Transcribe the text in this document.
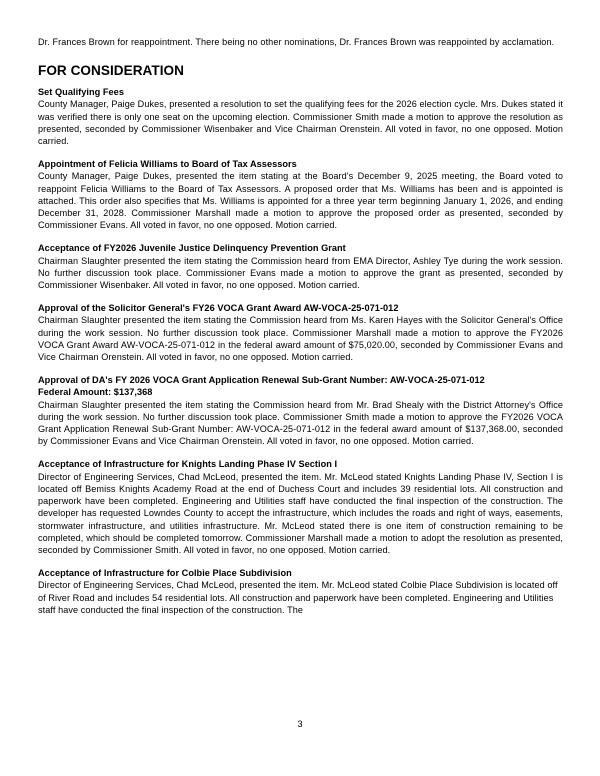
Dr. Frances Brown for reappointment. There being no other nominations, Dr. Frances Brown was reappointed by acclamation.

FOR CONSIDERATION
Set Qualifying Fees

County Manager, Paige Dukes, presented a resolution to set the qualifying fees for the 2026 election cycle. Mrs. Dukes stated it was verified there is only one seat on the upcoming election. Commissioner Smith made a motion to approve the resolution as presented, seconded by Commissioner Wisenbaker and Vice Chairman Orenstein. All voted in favor, no one opposed. Motion carried.

Appointment of Felicia Williams to Board of Tax Assessors

County Manager, Paige Dukes, presented the item stating at the Board's December 9, 2025 meeting, the Board voted to reappoint Felicia Williams to the Board of Tax Assessors. A proposed order that Ms. Williams has been and is appointed is attached. This order also specifies that Ms. Williams is appointed for a three year term beginning January 1, 2026, and ending December 31, 2028. Commissioner Marshall made a motion to approve the proposed order as presented, seconded by Commissioner Evans. All voted in favor, no one opposed. Motion carried.

Acceptance of FY2026 Juvenile Justice Delinquency Prevention Grant

Chairman Slaughter presented the item stating the Commission heard from EMA Director, Ashley Tye during the work session. No further discussion took place. Commissioner Evans made a motion to approve the grant as presented, seconded by Commissioner Wisenbaker. All voted in favor, no one opposed. Motion carried.

Approval of the Solicitor General's FY26 VOCA Grant Award AW-VOCA-25-071-012

Chairman Slaughter presented the item stating the Commission heard from Ms. Karen Hayes with the Solicitor General's Office during the work session. No further discussion took place. Commissioner Marshall made a motion to approve the FY2026 VOCA Grant Award AW-VOCA-25-071-012 in the federal award amount of $75,020.00, seconded by Commissioner Evans and Vice Chairman Orenstein. All voted in favor, no one opposed. Motion carried.

Approval of DA's FY 2026 VOCA Grant Application Renewal Sub-Grant Number: AW-VOCA-25-071-012
Federal Amount: $137,368

Chairman Slaughter presented the item stating the Commission heard from Mr. Brad Shealy with the District Attorney's Office during the work session. No further discussion took place. Commissioner Smith made a motion to approve the FY2026 VOCA Grant Application Renewal Sub-Grant Number: AW-VOCA-25-071-012 in the federal award amount of $137,368.00, seconded by Commissioner Evans and Vice Chairman Orenstein. All voted in favor, no one opposed. Motion carried.

Acceptance of Infrastructure for Knights Landing Phase IV Section I

Director of Engineering Services, Chad McLeod, presented the item. Mr. McLeod stated Knights Landing Phase IV, Section I is located off Bemiss Knights Academy Road at the end of Duchess Court and includes 39 residential lots. All construction and paperwork have been completed. Engineering and Utilities staff have conducted the final inspection of the construction. The developer has requested Lowndes County to accept the infrastructure, which includes the roads and right of ways, easements, stormwater infrastructure, and utilities infrastructure. Mr. McLeod stated there is one item of construction remaining to be completed, which should be completed tomorrow. Commissioner Marshall made a motion to adopt the resolution as presented, seconded by Commissioner Smith. All voted in favor, no one opposed. Motion carried.

Acceptance of Infrastructure for Colbie Place Subdivision

Director of Engineering Services, Chad McLeod, presented the item. Mr. McLeod stated Colbie Place Subdivision is located off of River Road and includes 54 residential lots. All construction and paperwork have been completed. Engineering and Utilities staff have conducted the final inspection of the construction. The

3
